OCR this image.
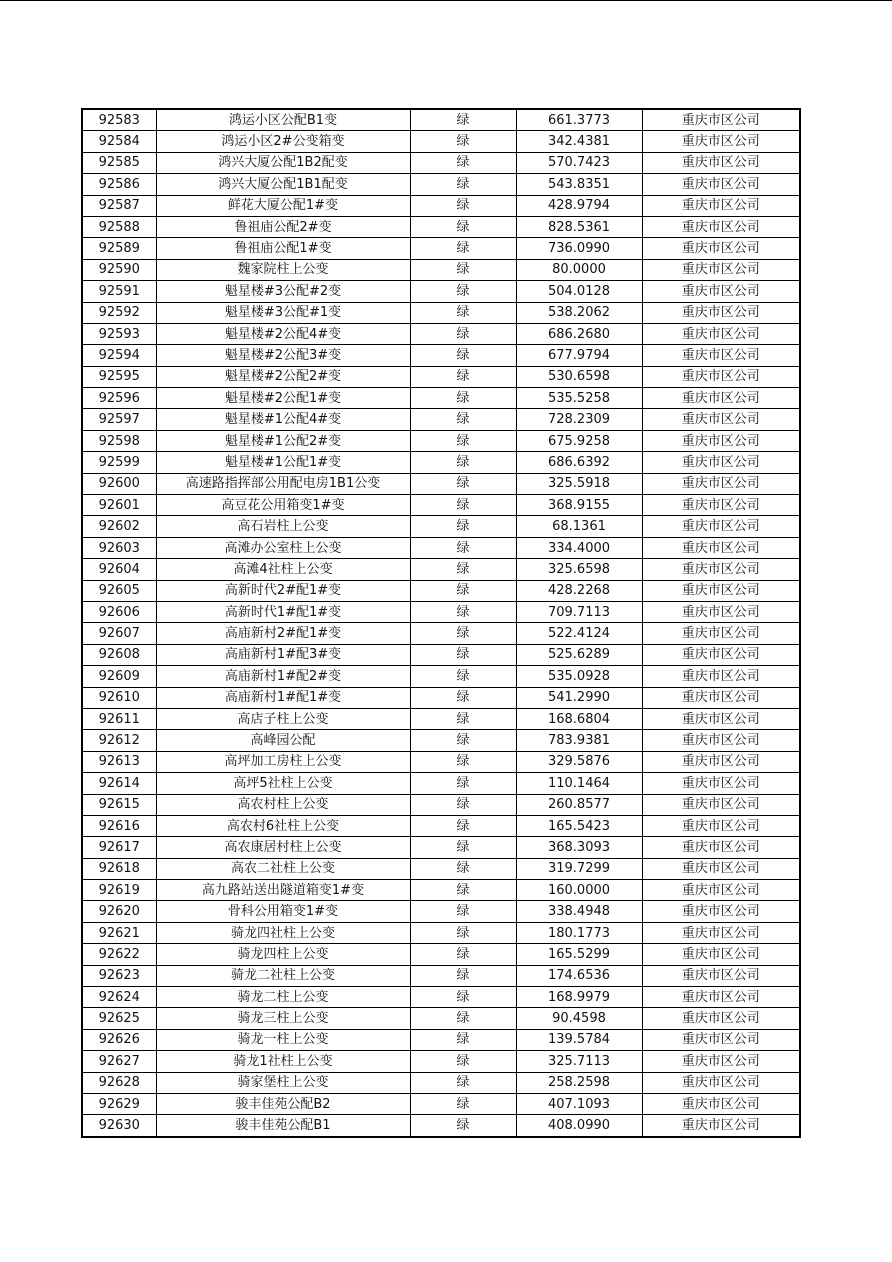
92583	鸿运小区公配B1变	绿	661.3773	重庆市区公司
92584	鸿运小区2#公变箱变	绿	342.4381	重庆市区公司
92585	鸿兴大厦公配1B2配变	绿	570.7423	重庆市区公司
92586	鸿兴大厦公配1B1配变	绿	543.8351	重庆市区公司
92587	鲜花大厦公配1#变	绿	428.9794	重庆市区公司
92588	鲁祖庙公配2#变	绿	828.5361	重庆市区公司
92589	鲁祖庙公配1#变	绿	736.0990	重庆市区公司
92590	魏家院柱上公变	绿	80.0000	重庆市区公司
92591	魁星楼#3公配#2变	绿	504.0128	重庆市区公司
92592	魁星楼#3公配#1变	绿	538.2062	重庆市区公司
92593	魁星楼#2公配4#变	绿	686.2680	重庆市区公司
92594	魁星楼#2公配3#变	绿	677.9794	重庆市区公司
92595	魁星楼#2公配2#变	绿	530.6598	重庆市区公司
92596	魁星楼#2公配1#变	绿	535.5258	重庆市区公司
92597	魁星楼#1公配4#变	绿	728.2309	重庆市区公司
92598	魁星楼#1公配2#变	绿	675.9258	重庆市区公司
92599	魁星楼#1公配1#变	绿	686.6392	重庆市区公司
92600	高速路指挥部公用配电房1B1公变	绿	325.5918	重庆市区公司
92601	高豆花公用箱变1#变	绿	368.9155	重庆市区公司
92602	高石岩柱上公变	绿	68.1361	重庆市区公司
92603	高滩办公室柱上公变	绿	334.4000	重庆市区公司
92604	高滩4社柱上公变	绿	325.6598	重庆市区公司
92605	高新时代2#配1#变	绿	428.2268	重庆市区公司
92606	高新时代1#配1#变	绿	709.7113	重庆市区公司
92607	高庙新村2#配1#变	绿	522.4124	重庆市区公司
92608	高庙新村1#配3#变	绿	525.6289	重庆市区公司
92609	高庙新村1#配2#变	绿	535.0928	重庆市区公司
92610	高庙新村1#配1#变	绿	541.2990	重庆市区公司
92611	高店子柱上公变	绿	168.6804	重庆市区公司
92612	高峰园公配	绿	783.9381	重庆市区公司
92613	高坪加工房柱上公变	绿	329.5876	重庆市区公司
92614	高坪5社柱上公变	绿	110.1464	重庆市区公司
92615	高农村柱上公变	绿	260.8577	重庆市区公司
92616	高农村6社柱上公变	绿	165.5423	重庆市区公司
92617	高农康居村柱上公变	绿	368.3093	重庆市区公司
92618	高农二社柱上公变	绿	319.7299	重庆市区公司
92619	高九路站送出隧道箱变1#变	绿	160.0000	重庆市区公司
92620	骨科公用箱变1#变	绿	338.4948	重庆市区公司
92621	骑龙四社柱上公变	绿	180.1773	重庆市区公司
92622	骑龙四柱上公变	绿	165.5299	重庆市区公司
92623	骑龙二社柱上公变	绿	174.6536	重庆市区公司
92624	骑龙二柱上公变	绿	168.9979	重庆市区公司
92625	骑龙三柱上公变	绿	90.4598	重庆市区公司
92626	骑龙一柱上公变	绿	139.5784	重庆市区公司
92627	骑龙1社柱上公变	绿	325.7113	重庆市区公司
92628	骑家堡柱上公变	绿	258.2598	重庆市区公司
92629	骏丰佳苑公配B2	绿	407.1093	重庆市区公司
92630	骏丰佳苑公配B1	绿	408.0990	重庆市区公司
